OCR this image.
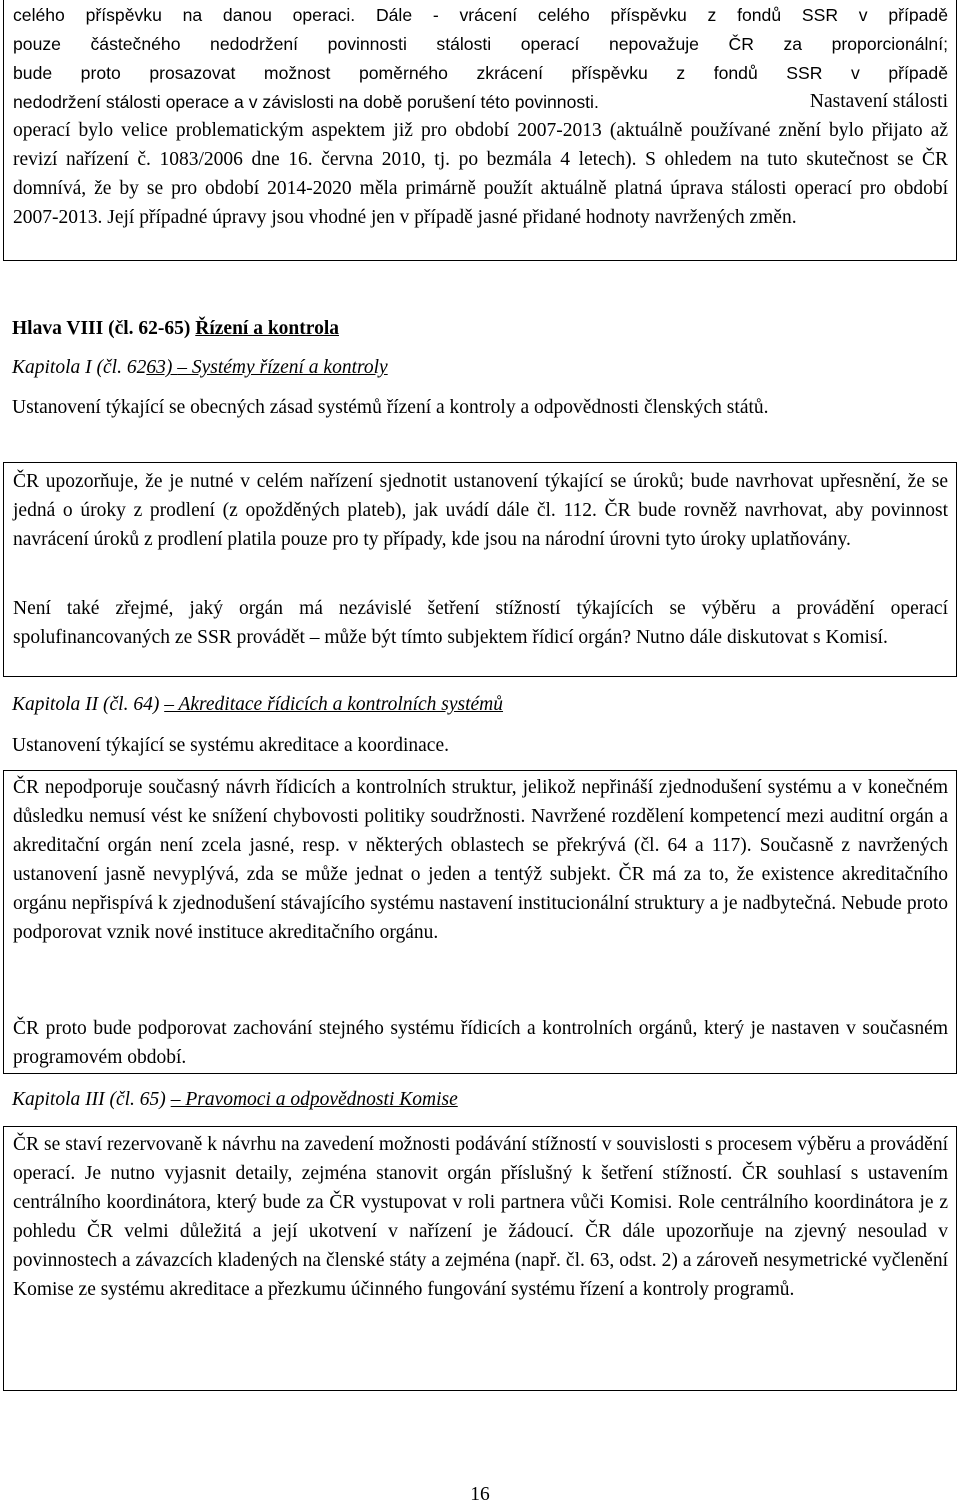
celého příspěvku na danou operaci. Dále - vrácení celého příspěvku z fondů SSR v případě
pouze částečného nedodržení povinnosti stálosti operací nepovažuje ČR za proporcionální;
bude proto prosazovat možnost poměrného zkrácení příspěvku z fondů SSR v případě
nedodržení stálosti operace a v závislosti na době porušení této povinnosti.	Nastavení stálosti
operací bylo velice problematickým aspektem již pro období 2007-2013 (aktuálně používané znění bylo přijato až revizí nařízení č. 1083/2006 dne 16. června 2010, tj. po bezmála 4 letech). S ohledem na tuto skutečnost se ČR domnívá, že by se pro období 2014-2020 měla primárně použít aktuálně platná úprava stálosti operací pro období 2007-2013. Její případné úpravy jsou vhodné jen v případě jasné přidané hodnoty navržených změn.
Hlava VIII (čl. 62-65) Řízení a kontrola
Kapitola I (čl. 6263) – Systémy řízení a kontroly
Ustanovení týkající se obecných zásad systémů řízení a kontroly a odpovědnosti členských států.
ČR upozorňuje, že je nutné v celém nařízení sjednotit ustanovení týkající se úroků; bude navrhovat upřesnění, že se jedná o úroky z prodlení (z opožděných plateb), jak uvádí dále čl. 112. ČR bude rovněž navrhovat, aby povinnost navrácení úroků z prodlení platila pouze pro ty případy, kde jsou na národní úrovni tyto úroky uplatňovány.
Není také zřejmé, jaký orgán má nezávislé šetření stížností týkajících se výběru a provádění operací spolufinancovaných ze SSR provádět – může být tímto subjektem řídicí orgán? Nutno dále diskutovat s Komisí.
Kapitola II (čl. 64) – Akreditace řídicích a kontrolních systémů
Ustanovení týkající se systému akreditace a koordinace.
ČR nepodporuje současný návrh řídicích a kontrolních struktur, jelikož nepřináší zjednodušení systému a v konečném důsledku nemusí vést ke snížení chybovosti politiky soudržnosti. Navržené rozdělení kompetencí mezi auditní orgán a akreditační orgán není zcela jasné, resp. v některých oblastech se překrývá (čl. 64 a 117). Současně z navržených ustanovení jasně nevyplývá, zda se může jednat o jeden a tentýž subjekt. ČR má za to, že existence akreditačního orgánu nepřispívá k zjednodušení stávajícího systému nastavení institucionální struktury a je nadbytečná. Nebude proto podporovat vznik nové instituce akreditačního orgánu.
ČR proto bude podporovat zachování stejného systému řídicích a kontrolních orgánů, který je nastaven v současném programovém období.
Kapitola III (čl. 65) – Pravomoci a odpovědnosti Komise
ČR se staví rezervovaně k návrhu na zavedení možnosti podávání stížností v souvislosti s procesem výběru a provádění operací. Je nutno vyjasnit detaily, zejména stanovit orgán příslušný k šetření stížností. ČR souhlasí s ustavením centrálního koordinátora, který bude za ČR vystupovat v roli partnera vůči Komisi. Role centrálního koordinátora je z pohledu ČR velmi důležitá a její ukotvení v nařízení je žádoucí. ČR dále upozorňuje na zjevný nesoulad v povinnostech a závazcích kladených na členské státy a zejména (např. čl. 63, odst. 2) a zároveň nesymetrické vyčlenění Komise ze systému akreditace a přezkumu účinného fungování systému řízení a kontroly programů.
16
